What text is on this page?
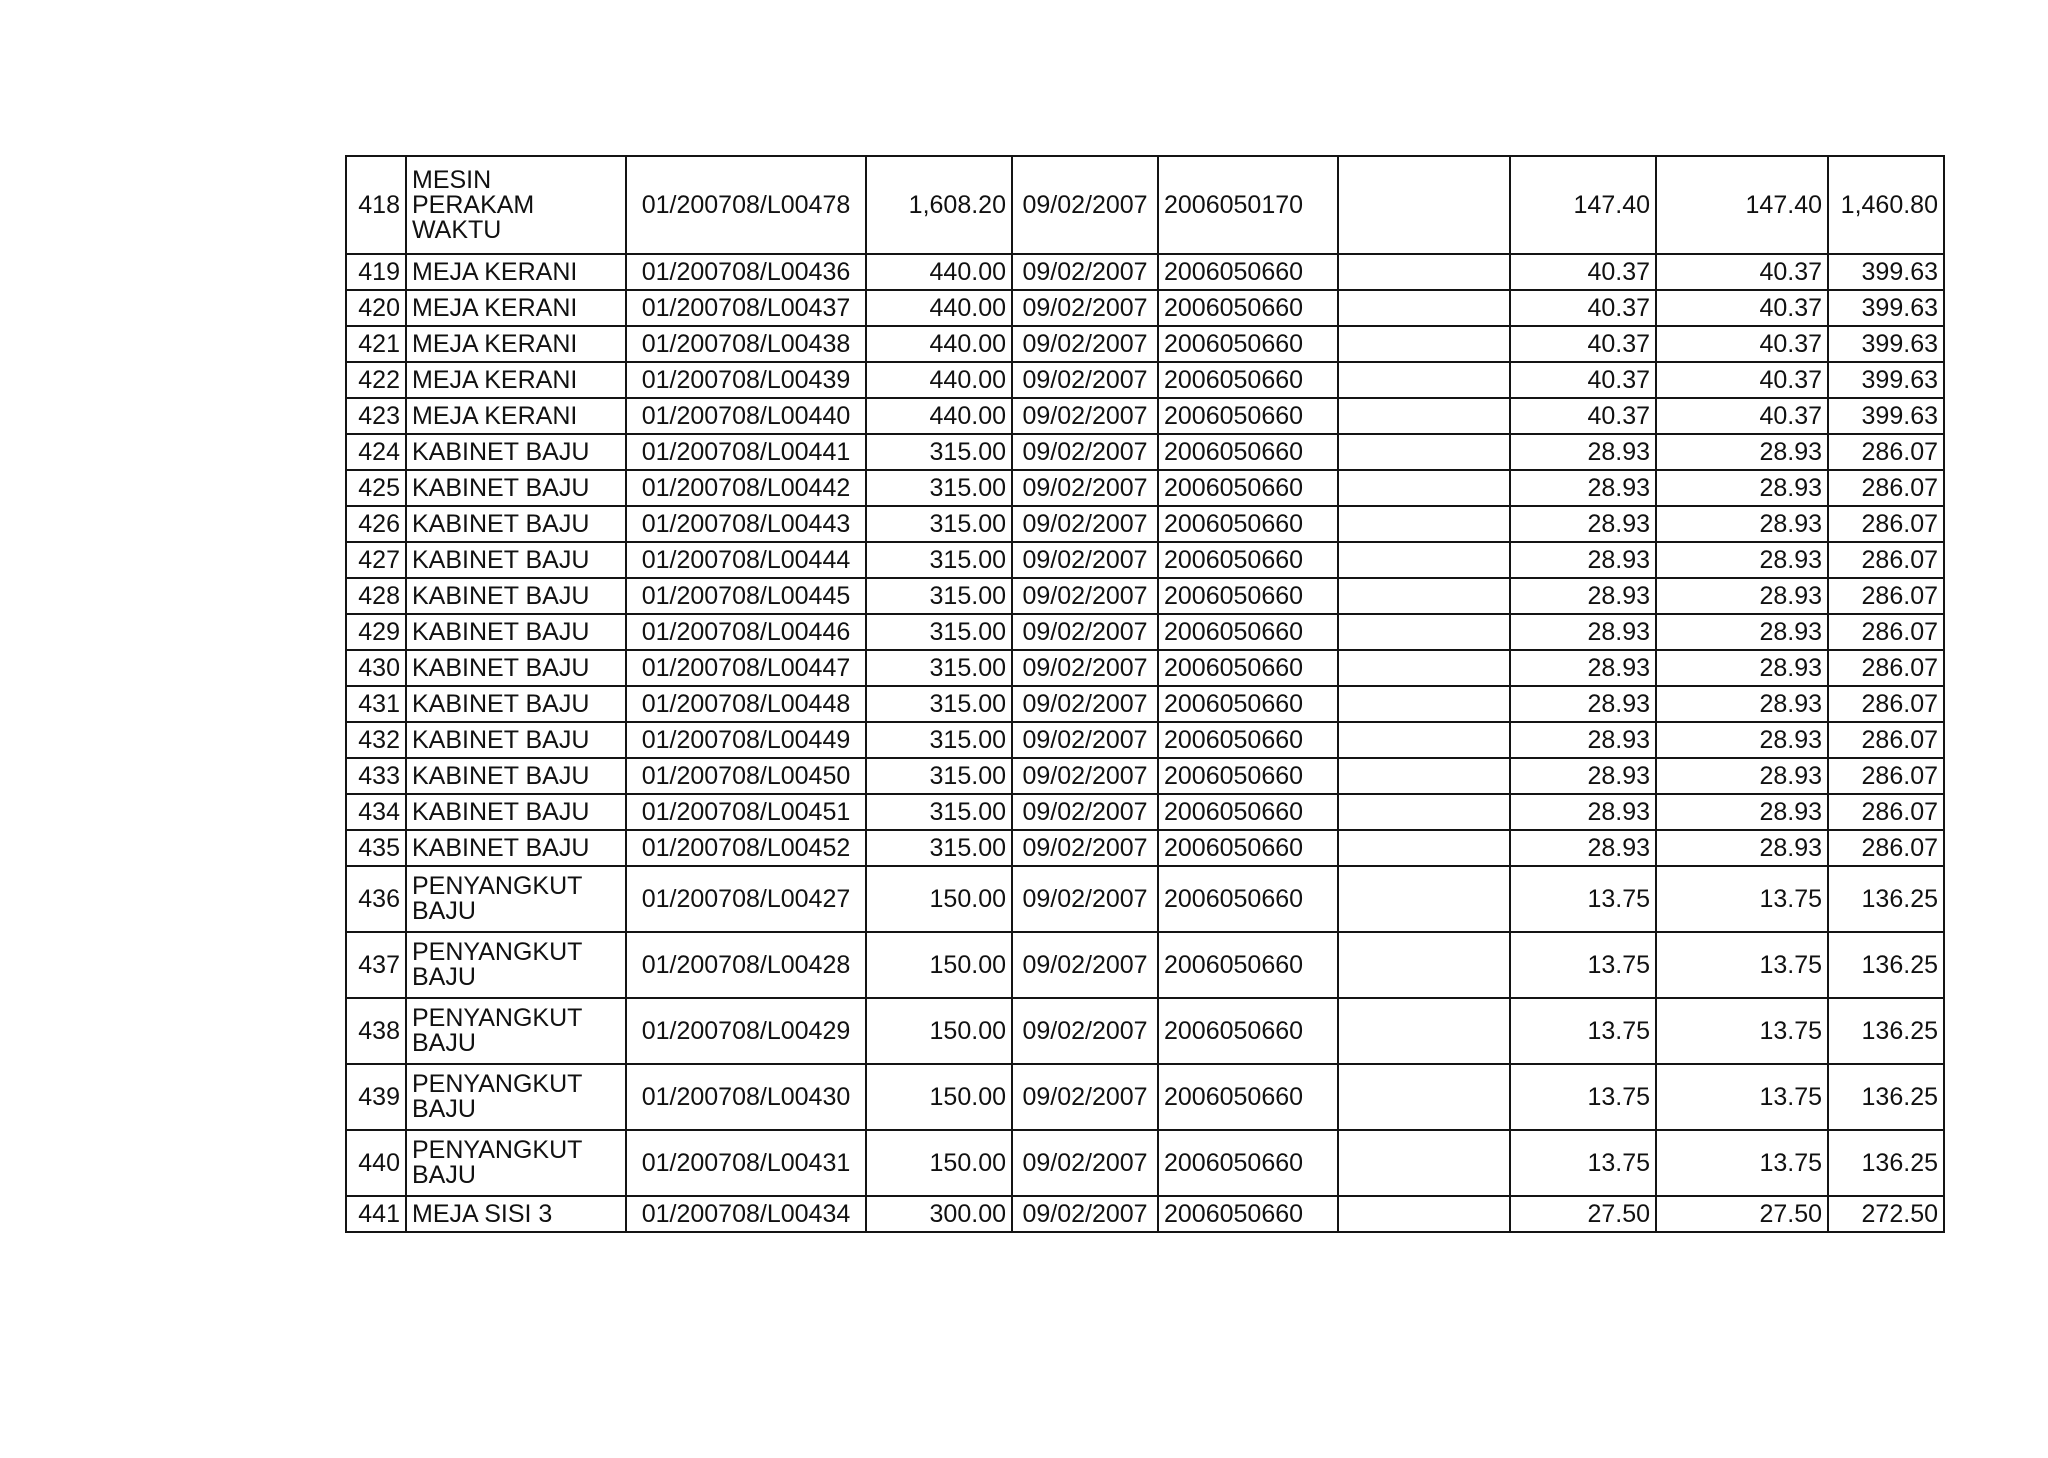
418	MESIN PERAKAM WAKTU	01/200708/L00478	1,608.20	09/02/2007	2006050170		147.40	147.40	1,460.80
419	MEJA KERANI	01/200708/L00436	440.00	09/02/2007	2006050660		40.37	40.37	399.63
420	MEJA KERANI	01/200708/L00437	440.00	09/02/2007	2006050660		40.37	40.37	399.63
421	MEJA KERANI	01/200708/L00438	440.00	09/02/2007	2006050660		40.37	40.37	399.63
422	MEJA KERANI	01/200708/L00439	440.00	09/02/2007	2006050660		40.37	40.37	399.63
423	MEJA KERANI	01/200708/L00440	440.00	09/02/2007	2006050660		40.37	40.37	399.63
424	KABINET BAJU	01/200708/L00441	315.00	09/02/2007	2006050660		28.93	28.93	286.07
425	KABINET BAJU	01/200708/L00442	315.00	09/02/2007	2006050660		28.93	28.93	286.07
426	KABINET BAJU	01/200708/L00443	315.00	09/02/2007	2006050660		28.93	28.93	286.07
427	KABINET BAJU	01/200708/L00444	315.00	09/02/2007	2006050660		28.93	28.93	286.07
428	KABINET BAJU	01/200708/L00445	315.00	09/02/2007	2006050660		28.93	28.93	286.07
429	KABINET BAJU	01/200708/L00446	315.00	09/02/2007	2006050660		28.93	28.93	286.07
430	KABINET BAJU	01/200708/L00447	315.00	09/02/2007	2006050660		28.93	28.93	286.07
431	KABINET BAJU	01/200708/L00448	315.00	09/02/2007	2006050660		28.93	28.93	286.07
432	KABINET BAJU	01/200708/L00449	315.00	09/02/2007	2006050660		28.93	28.93	286.07
433	KABINET BAJU	01/200708/L00450	315.00	09/02/2007	2006050660		28.93	28.93	286.07
434	KABINET BAJU	01/200708/L00451	315.00	09/02/2007	2006050660		28.93	28.93	286.07
435	KABINET BAJU	01/200708/L00452	315.00	09/02/2007	2006050660		28.93	28.93	286.07
436	PENYANGKUT BAJU	01/200708/L00427	150.00	09/02/2007	2006050660		13.75	13.75	136.25
437	PENYANGKUT BAJU	01/200708/L00428	150.00	09/02/2007	2006050660		13.75	13.75	136.25
438	PENYANGKUT BAJU	01/200708/L00429	150.00	09/02/2007	2006050660		13.75	13.75	136.25
439	PENYANGKUT BAJU	01/200708/L00430	150.00	09/02/2007	2006050660		13.75	13.75	136.25
440	PENYANGKUT BAJU	01/200708/L00431	150.00	09/02/2007	2006050660		13.75	13.75	136.25
441	MEJA SISI 3	01/200708/L00434	300.00	09/02/2007	2006050660		27.50	27.50	272.50
